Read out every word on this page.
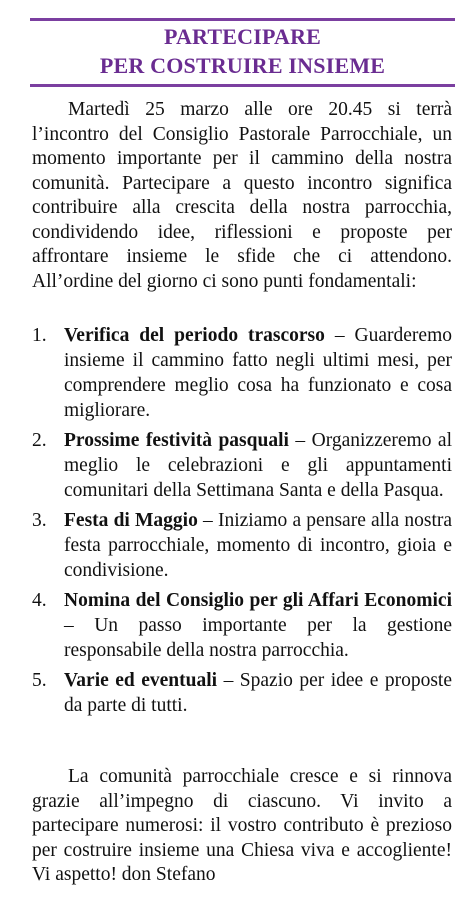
PARTECIPARE
PER COSTRUIRE INSIEME

Martedì 25 marzo alle ore 20.45 si terrà l’incontro del Consiglio Pastorale Parrocchiale, un momento importante per il cammino della nostra comunità. Partecipare a questo incontro significa contribuire alla crescita della nostra parrocchia, condividendo idee, riflessioni e proposte per affrontare insieme le sfide che ci attendono. All’ordine del giorno ci sono punti fondamentali:

1. Verifica del periodo trascorso – Guarderemo insieme il cammino fatto negli ultimi mesi, per comprendere meglio cosa ha funzionato e cosa migliorare.
2. Prossime festività pasquali – Organizzeremo al meglio le celebrazioni e gli appuntamenti comunitari della Settimana Santa e della Pasqua.
3. Festa di Maggio – Iniziamo a pensare alla nostra festa parrocchiale, momento di incontro, gioia e condivisione.
4. Nomina del Consiglio per gli Affari Economici – Un passo importante per la gestione responsabile della nostra parrocchia.
5. Varie ed eventuali – Spazio per idee e proposte da parte di tutti.

La comunità parrocchiale cresce e si rinnova grazie all’impegno di ciascuno. Vi invito a partecipare numerosi: il vostro contributo è prezioso per costruire insieme una Chiesa viva e accogliente! Vi aspetto! don Stefano
